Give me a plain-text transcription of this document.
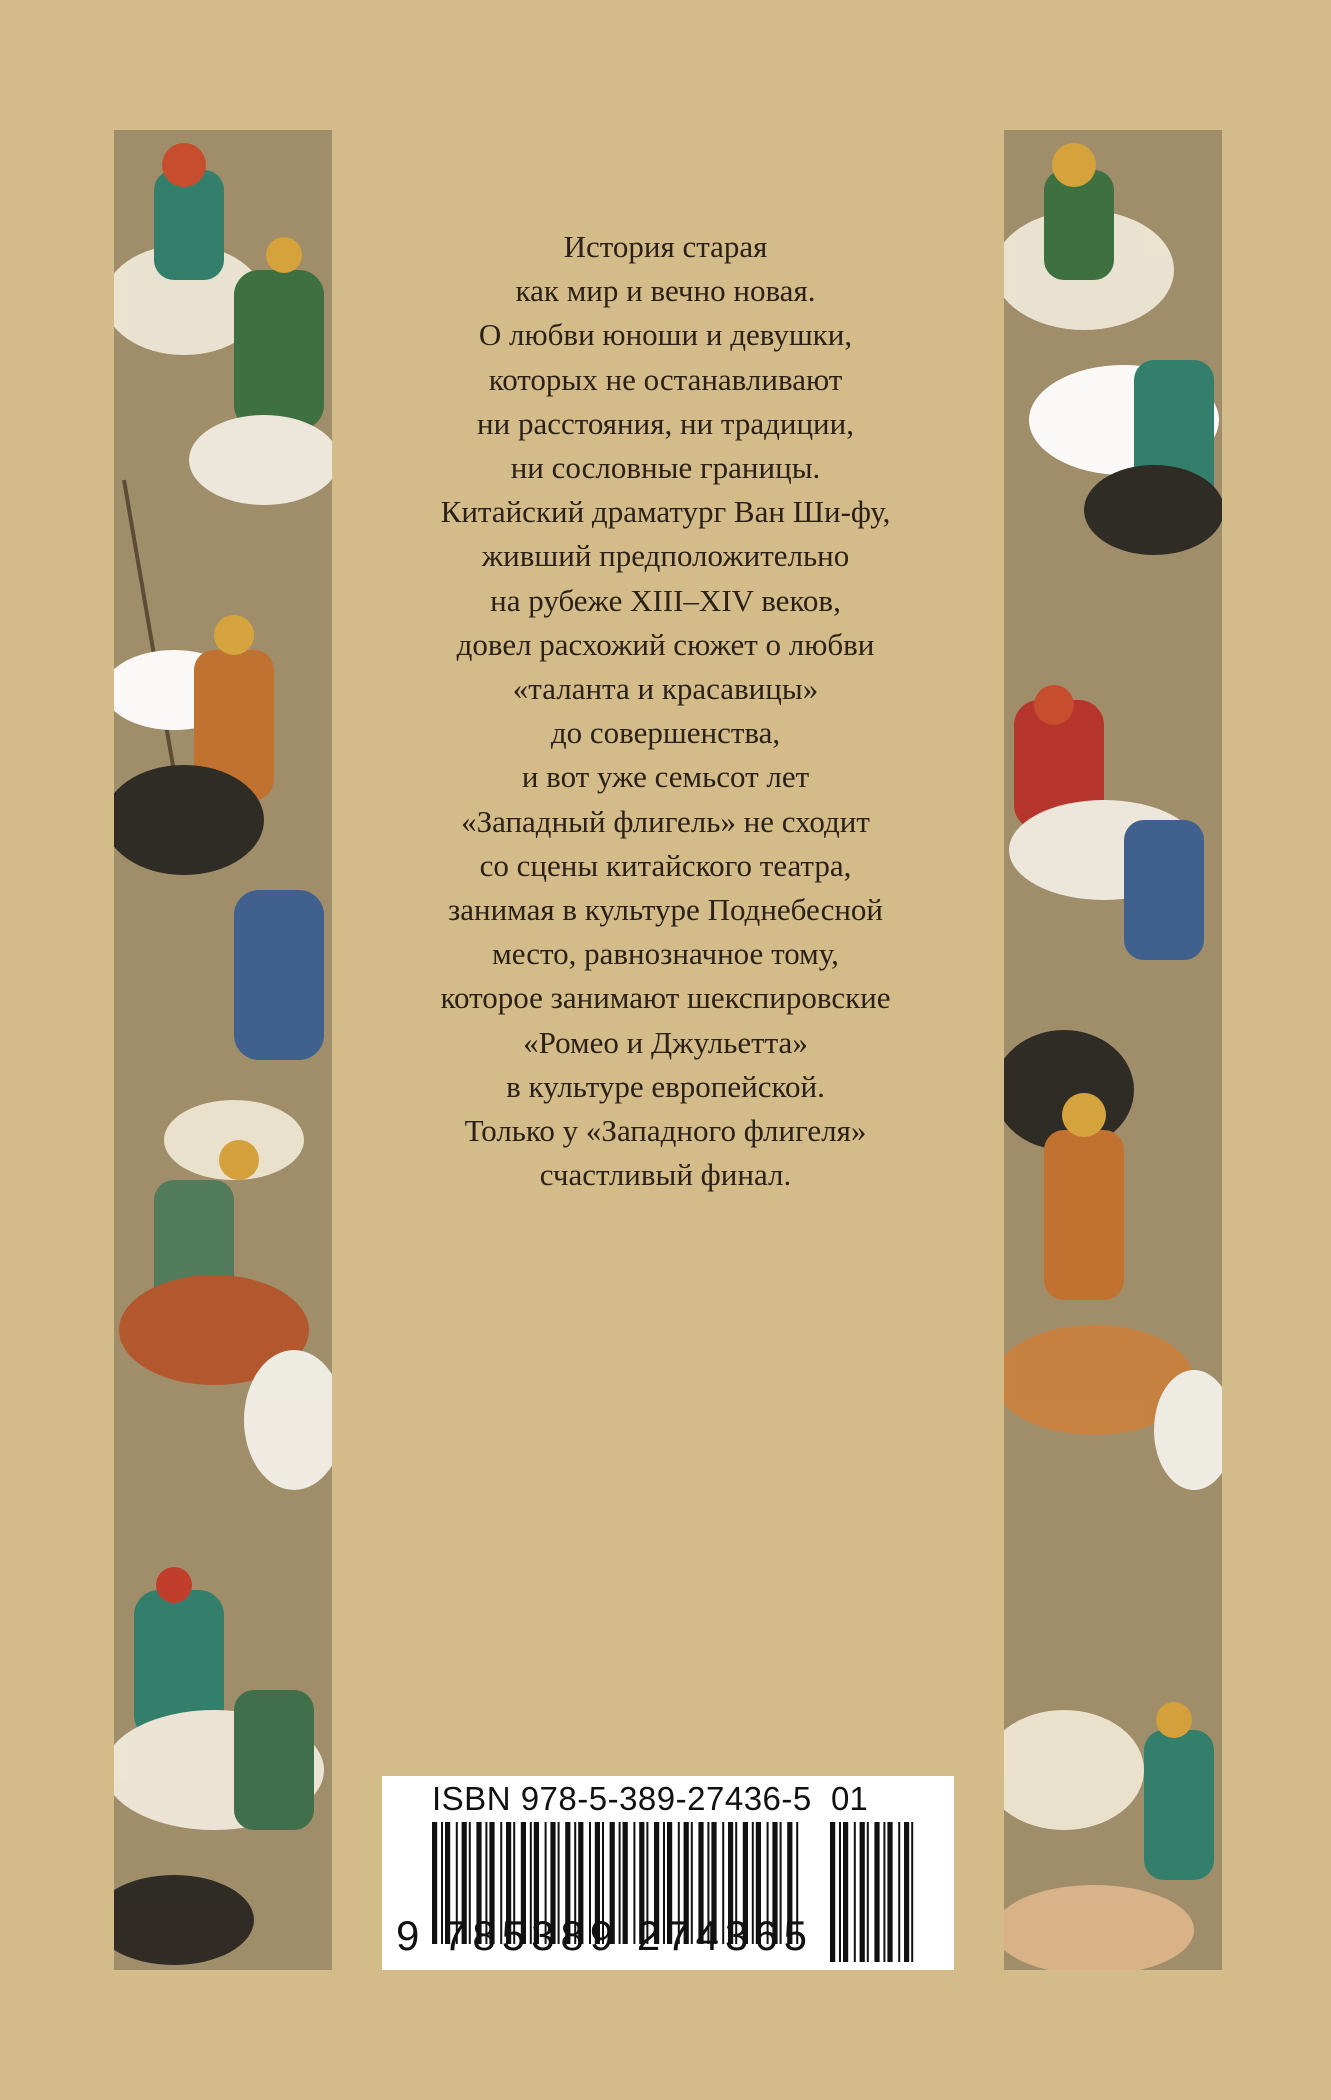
История старая
как мир и вечно новая.
О любви юноши и девушки,
которых не останавливают
ни расстояния, ни традиции,
ни сословные границы.
Китайский драматург Ван Ши-фу,
живший предположительно
на рубеже XIII–XIV веков,
довел расхожий сюжет о любви
«таланта и красавицы»
до совершенства,
и вот уже семьсот лет
«Западный флигель» не сходит
со сцены китайского театра,
занимая в культуре Поднебесной
место, равнозначное тому,
которое занимают шекспировские
«Ромео и Джульетта»
в культуре европейской.
Только у «Западного флигеля»
счастливый финал.
ISBN 978-5-389-27436-5 01
9 785389 274365
